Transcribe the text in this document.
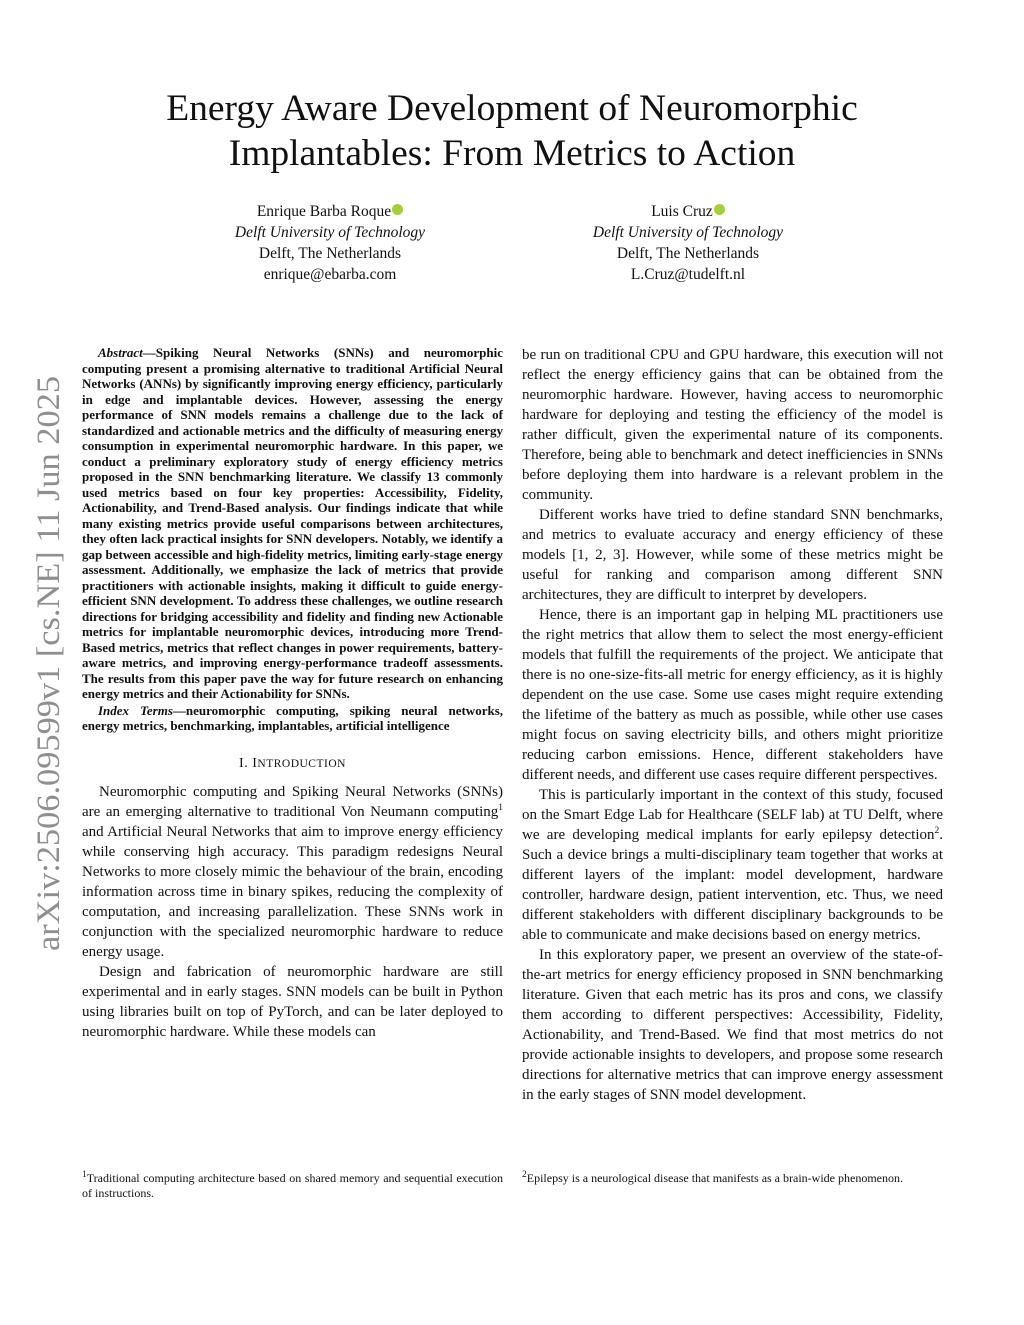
arXiv:2506.09599v1 [cs.NE] 11 Jun 2025
Energy Aware Development of Neuromorphic
Implantables: From Metrics to Action
Enrique Barba Roque
Delft University of Technology
Delft, The Netherlands
enrique@ebarba.com
Luis Cruz
Delft University of Technology
Delft, The Netherlands
L.Cruz@tudelft.nl

Abstract—Spiking Neural Networks (SNNs) and neuromorphic computing present a promising alternative to traditional Artificial Neural Networks (ANNs) by significantly improving energy efficiency, particularly in edge and implantable devices. However, assessing the energy performance of SNN models remains a challenge due to the lack of standardized and actionable metrics and the difficulty of measuring energy consumption in experimental neuromorphic hardware. In this paper, we conduct a preliminary exploratory study of energy efficiency metrics proposed in the SNN benchmarking literature. We classify 13 commonly used metrics based on four key properties: Accessibility, Fidelity, Actionability, and Trend-Based analysis. Our findings indicate that while many existing metrics provide useful comparisons between architectures, they often lack practical insights for SNN developers. Notably, we identify a gap between accessible and high-fidelity metrics, limiting early-stage energy assessment. Additionally, we emphasize the lack of metrics that provide practitioners with actionable insights, making it difficult to guide energy-efficient SNN development. To address these challenges, we outline research directions for bridging accessibility and fidelity and finding new Actionable metrics for implantable neuromorphic devices, introducing more Trend-Based metrics, metrics that reflect changes in power requirements, battery-aware metrics, and improving energy-performance tradeoff assessments. The results from this paper pave the way for future research on enhancing energy metrics and their Actionability for SNNs.

Index Terms—neuromorphic computing, spiking neural networks, energy metrics, benchmarking, implantables, artificial intelligence

I. INTRODUCTION

Neuromorphic computing and Spiking Neural Networks (SNNs) are an emerging alternative to traditional Von Neumann computing$^1$ and Artificial Neural Networks that aim to improve energy efficiency while conserving high accuracy. This paradigm redesigns Neural Networks to more closely mimic the behaviour of the brain, encoding information across time in binary spikes, reducing the complexity of computation, and increasing parallelization. These SNNs work in conjunction with the specialized neuromorphic hardware to reduce energy usage.

Design and fabrication of neuromorphic hardware are still experimental and in early stages. SNN models can be built in Python using libraries built on top of PyTorch, and can be later deployed to neuromorphic hardware. While these models can

be run on traditional CPU and GPU hardware, this execution will not reflect the energy efficiency gains that can be obtained from the neuromorphic hardware. However, having access to neuromorphic hardware for deploying and testing the efficiency of the model is rather difficult, given the experimental nature of its components. Therefore, being able to benchmark and detect inefficiencies in SNNs before deploying them into hardware is a relevant problem in the community.

Different works have tried to define standard SNN benchmarks, and metrics to evaluate accuracy and energy efficiency of these models [1, 2, 3]. However, while some of these metrics might be useful for ranking and comparison among different SNN architectures, they are difficult to interpret by developers.

Hence, there is an important gap in helping ML practitioners use the right metrics that allow them to select the most energy-efficient models that fulfill the requirements of the project. We anticipate that there is no one-size-fits-all metric for energy efficiency, as it is highly dependent on the use case. Some use cases might require extending the lifetime of the battery as much as possible, while other use cases might focus on saving electricity bills, and others might prioritize reducing carbon emissions. Hence, different stakeholders have different needs, and different use cases require different perspectives.

This is particularly important in the context of this study, focused on the Smart Edge Lab for Healthcare (SELF lab) at TU Delft, where we are developing medical implants for early epilepsy detection$^2$. Such a device brings a multi-disciplinary team together that works at different layers of the implant: model development, hardware controller, hardware design, patient intervention, etc. Thus, we need different stakeholders with different disciplinary backgrounds to be able to communicate and make decisions based on energy metrics.

In this exploratory paper, we present an overview of the state-of-the-art metrics for energy efficiency proposed in SNN benchmarking literature. Given that each metric has its pros and cons, we classify them according to different perspectives: Accessibility, Fidelity, Actionability, and Trend-Based. We find that most metrics do not provide actionable insights to developers, and propose some research directions for alternative metrics that can improve energy assessment in the early stages of SNN model development.

$^1$Traditional computing architecture based on shared memory and sequential execution of instructions.
$^2$Epilepsy is a neurological disease that manifests as a brain-wide phenomenon.
